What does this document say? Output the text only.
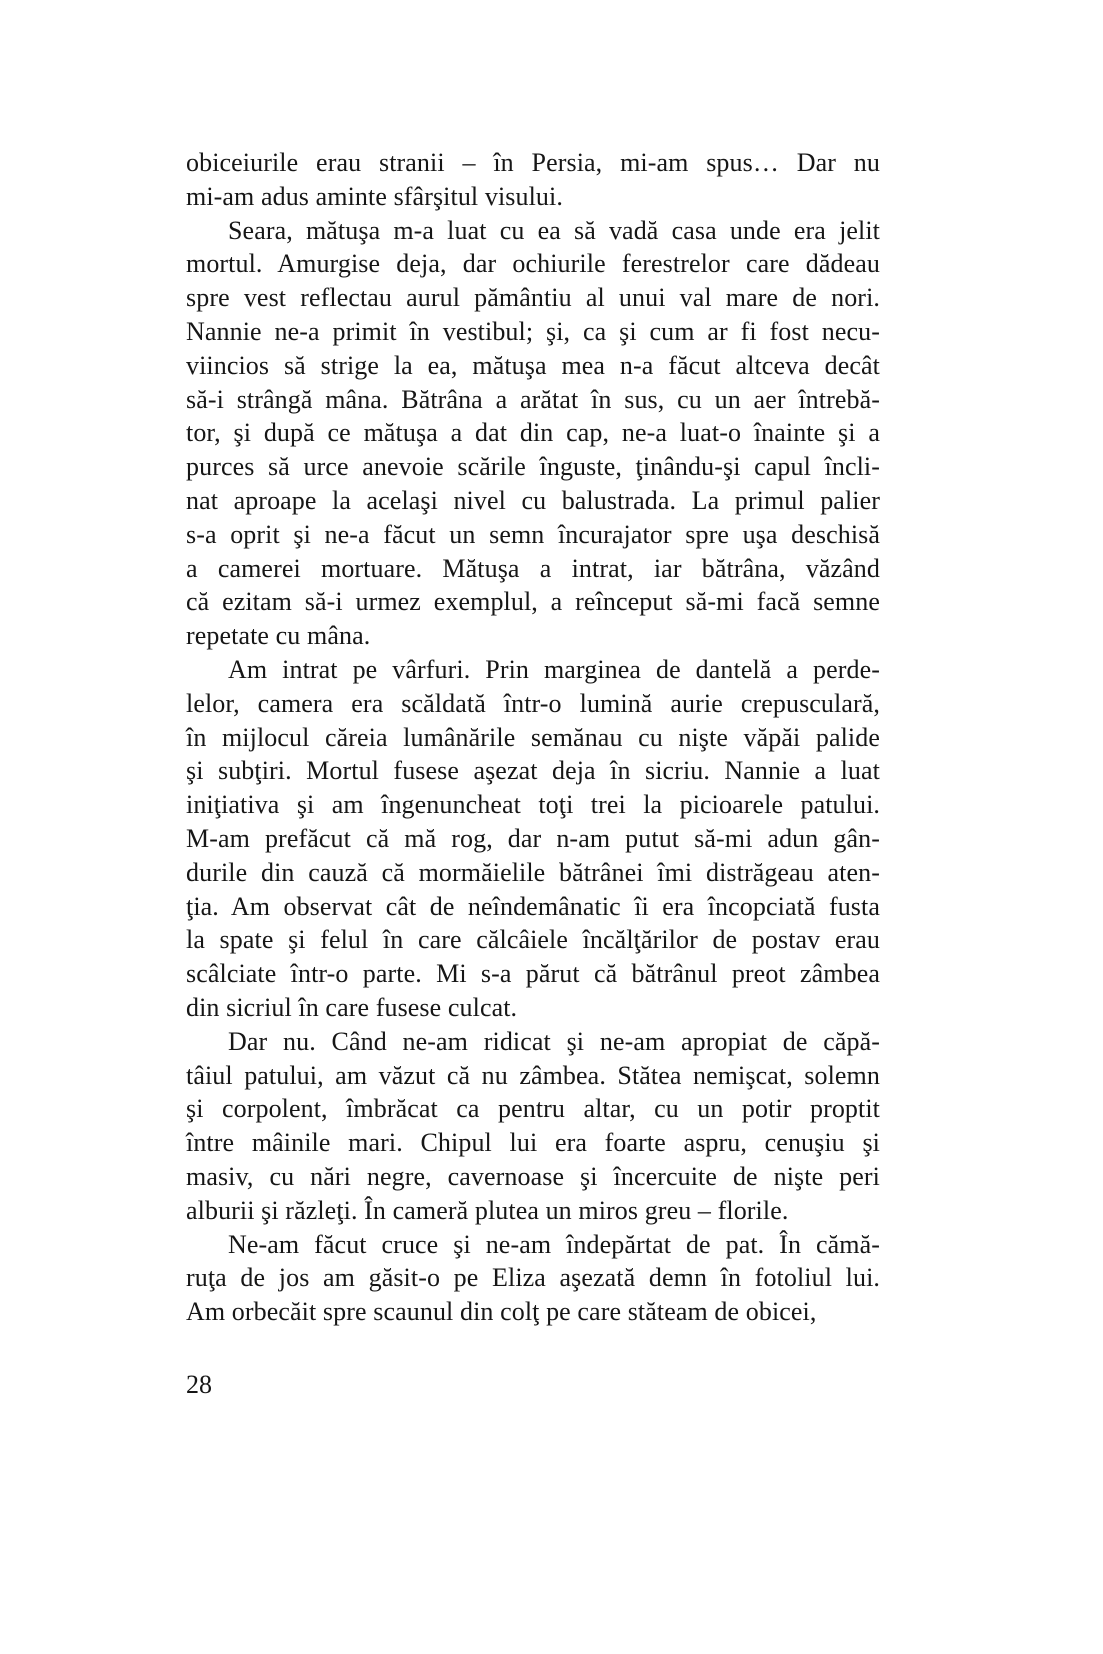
obiceiurile erau stranii – în Persia, mi-am spus… Dar nu
mi-am adus aminte sfârşitul visului.
Seara, mătuşa m-a luat cu ea să vadă casa unde era jelit
mortul. Amurgise deja, dar ochiurile ferestrelor care dădeau
spre vest reflectau aurul pământiu al unui val mare de nori.
Nannie ne-a primit în vestibul; şi, ca şi cum ar fi fost necu-
viincios să strige la ea, mătuşa mea n-a făcut altceva decât
să-i strângă mâna. Bătrâna a arătat în sus, cu un aer întrebă-
tor, şi după ce mătuşa a dat din cap, ne-a luat-o înainte şi a
purces să urce anevoie scările înguste, ţinându-şi capul încli-
nat aproape la acelaşi nivel cu balustrada. La primul palier
s-a oprit şi ne-a făcut un semn încurajator spre uşa deschisă
a camerei mortuare. Mătuşa a intrat, iar bătrâna, văzând
că ezitam să-i urmez exemplul, a reînceput să-mi facă semne
repetate cu mâna.
Am intrat pe vârfuri. Prin marginea de dantelă a perde-
lelor, camera era scăldată într-o lumină aurie crepusculară,
în mijlocul căreia lumânările semănau cu nişte văpăi palide
şi subţiri. Mortul fusese aşezat deja în sicriu. Nannie a luat
iniţiativa şi am îngenuncheat toţi trei la picioarele patului.
M-am prefăcut că mă rog, dar n-am putut să-mi adun gân-
durile din cauză că mormăielile bătrânei îmi distrăgeau aten-
ţia. Am observat cât de neîndemânatic îi era încopciată fusta
la spate şi felul în care călcâiele încălţărilor de postav erau
scâlciate într-o parte. Mi s-a părut că bătrânul preot zâmbea
din sicriul în care fusese culcat.
Dar nu. Când ne-am ridicat şi ne-am apropiat de căpă-
tâiul patului, am văzut că nu zâmbea. Stătea nemişcat, solemn
şi corpolent, îmbrăcat ca pentru altar, cu un potir proptit
între mâinile mari. Chipul lui era foarte aspru, cenuşiu şi
masiv, cu nări negre, cavernoase şi încercuite de nişte peri
alburii şi răzleţi. În cameră plutea un miros greu – florile.
Ne-am făcut cruce şi ne-am îndepărtat de pat. În cămă-
ruţa de jos am găsit-o pe Eliza aşezată demn în fotoliul lui.
Am orbecăit spre scaunul din colţ pe care stăteam de obicei,
28
